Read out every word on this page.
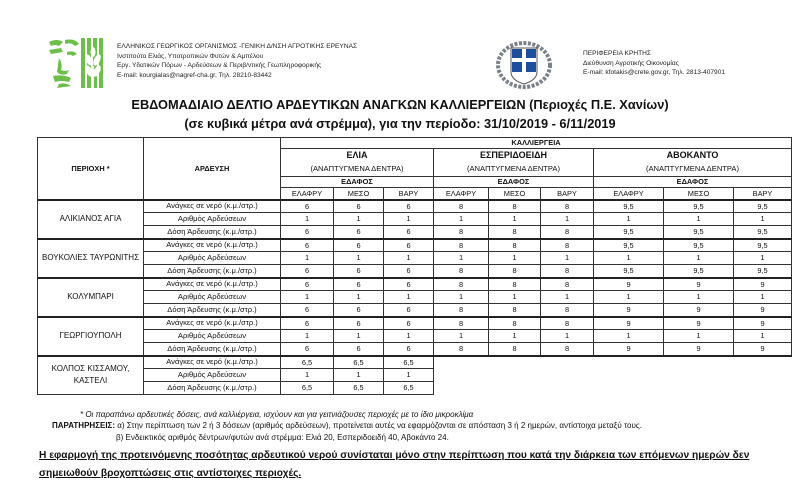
ΕΛΛΗΝΙΚΟΣ ΓΕΩΡΓΙΚΟΣ ΟΡΓΑΝΙΣΜΟΣ -ΓΕΝΙΚΗ Δ/ΝΣΗ ΑΓΡΟΤΙΚΗΣ ΕΡΕΥΝΑΣ
Ινστιτούτο Ελιάς, Υποτροπικών Φυτών & Αμπέλου
Εργ. Υδατικών Πόρων - Αρδεύσεων & Περιβ/ντικής Γεωπληροφορικής
E-mail: kourgialas@nagref-cha.gr, Τηλ. 28210-83442
ΠΕΡΙΦΕΡΕΙΑ ΚΡΗΤΗΣ
Διεύθυνση Αγροτικής Οικονομίας
E-mail: kfotakis@crete.gov.gr, Τηλ. 2813-407901
ΕΒΔΟΜΑΔΙΑΙΟ ΔΕΛΤΙΟ ΑΡΔΕΥΤΙΚΩΝ ΑΝΑΓΚΩΝ ΚΑΛΛΙΕΡΓΕΙΩΝ (Περιοχές Π.Ε. Χανίων)
(σε κυβικά μέτρα ανά στρέμμα), για την περίοδο: 31/10/2019 - 6/11/2019
ΠΕΡΙΟΧΗ *	ΑΡΔΕΥΣΗ	ΚΑΛΛΙΕΡΓΕΙΑ								
		ΕΛΙΑ			ΕΣΠΕΡΙΔΟΕΙΔΗ			ΑΒΟΚΑΝΤΟ		
		(ΑΝΑΠΤΥΓΜΕΝΑ ΔΕΝΤΡΑ)			(ΑΝΑΠΤΥΓΜΕΝΑ ΔΕΝΤΡΑ)			(ΑΝΑΠΤΥΓΜΕΝΑ ΔΕΝΤΡΑ)		
		ΕΔΑΦΟΣ			ΕΔΑΦΟΣ			ΕΔΑΦΟΣ		
		ΕΛΑΦΡΥ	ΜΕΣΟ	ΒΑΡΥ	ΕΛΑΦΡΥ	ΜΕΣΟ	ΒΑΡΥ	ΕΛΑΦΡΥ	ΜΕΣΟ	ΒΑΡΥ
ΑΛΙΚΙΑΝΟΣ ΑΓΙΑ	Ανάγκες σε νερό (κ.μ./στρ.)	6	6	6	8	8	8	9,5	9,5	9,5
	Αριθμός Αρδεύσεων	1	1	1	1	1	1	1	1	1
	Δόση Άρδευσης (κ.μ./στρ.)	6	6	6	8	8	8	9,5	9,5	9,5
ΒΟΥΚΟΛΙΕΣ ΤΑΥΡΩΝΙΤΗΣ	Ανάγκες σε νερό (κ.μ./στρ.)	6	6	6	8	8	8	9,5	9,5	9,5
	Αριθμός Αρδεύσεων	1	1	1	1	1	1	1	1	1
	Δόση Άρδευσης (κ.μ./στρ.)	6	6	6	8	8	8	9,5	9,5	9,5
ΚΟΛΥΜΠΑΡΙ	Ανάγκες σε νερό (κ.μ./στρ.)	6	6	6	8	8	8	9	9	9
	Αριθμός Αρδεύσεων	1	1	1	1	1	1	1	1	1
	Δόση Άρδευσης (κ.μ./στρ.)	6	6	6	8	8	8	9	9	9
ΓΕΩΡΓΙΟΥΠΟΛΗ	Ανάγκες σε νερό (κ.μ./στρ.)	6	6	6	8	8	8	9	9	9
	Αριθμός Αρδεύσεων	1	1	1	1	1	1	1	1	1
	Δόση Άρδευσης (κ.μ./στρ.)	6	6	6	8	8	8	9	9	9
ΚΟΛΠΟΣ ΚΙΣΣΑΜΟΥ, ΚΑΣΤΕΛΙ	Ανάγκες σε νερό (κ.μ./στρ.)	6,5	6,5	6,5						
	Αριθμός Αρδεύσεων	1	1	1						
	Δόση Άρδευσης (κ.μ./στρ.)	6,5	6,5	6,5						
* Οι παραπάνω αρδευτικές δόσεις, ανά καλλιέργεια, ισχύουν και για γειτνιάζουσες περιοχές με το ίδιο μικροκλίμα
ΠΑΡΑΤΗΡΗΣΕΙΣ: α) Στην περίπτωση των 2 ή 3 δόσεων (αριθμός αρδεύσεων), προτείνεται αυτές να εφαρμόζονται σε απόσταση 3 ή 2 ημερών, αντίστοιχα μεταξύ τους.
β) Ενδεικτικός αριθμός δέντρων/φυτών ανά στρέμμα: Ελιά 20, Εσπεριδοειδή 40, Αβοκάντο 24.
Η εφαρμογή της προτεινόμενης ποσότητας αρδευτικού νερού συνίσταται μόνο στην περίπτωση που κατά την διάρκεια των επόμενων ημερών δεν σημειωθούν βροχοπτώσεις στις αντίστοιχες περιοχές.
